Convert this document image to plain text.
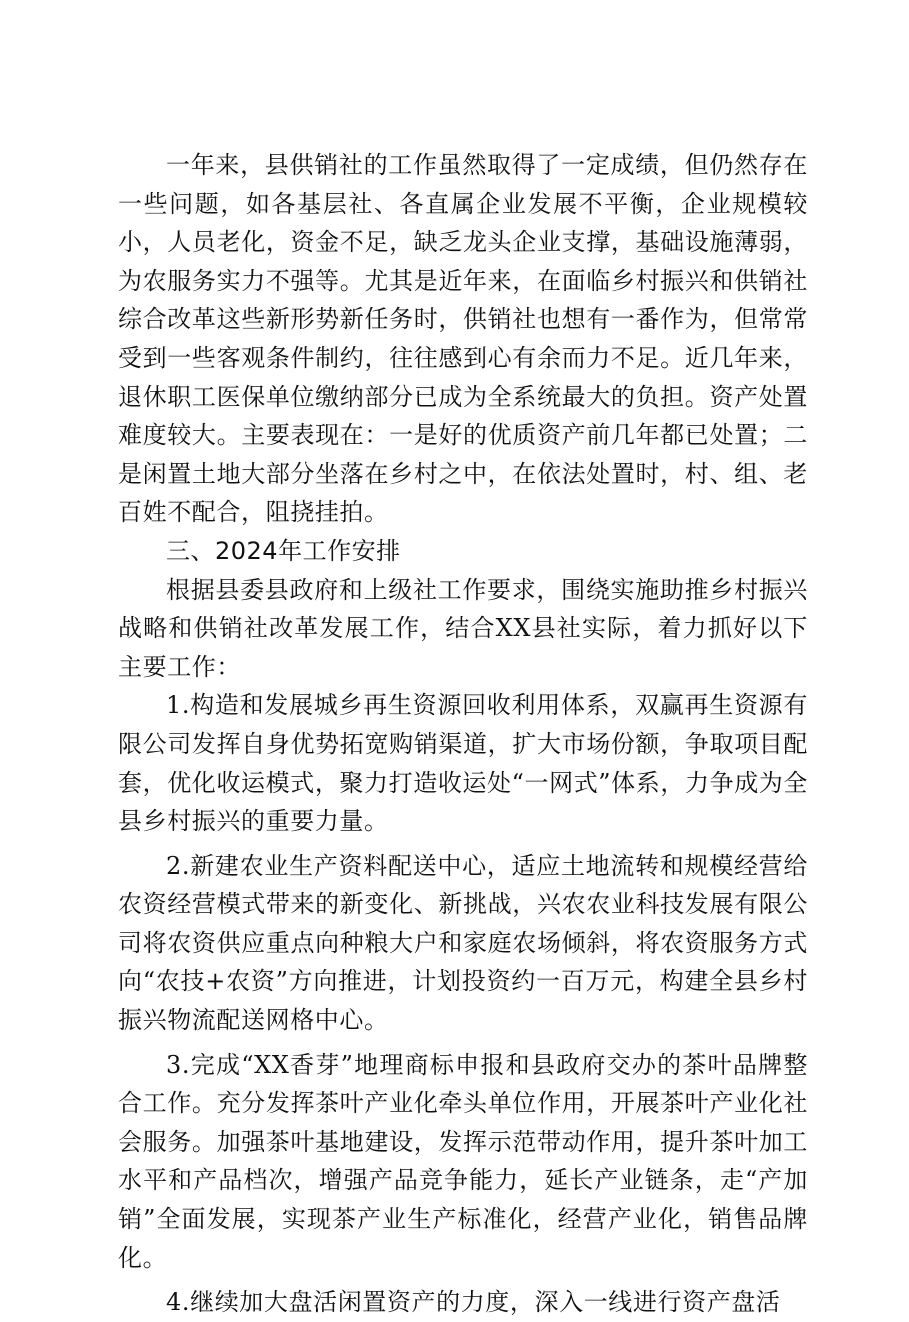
一年来，县供销社的工作虽然取得了一定成绩，但仍然存在一些问题，如各基层社、各直属企业发展不平衡，企业规模较小，人员老化，资金不足，缺乏龙头企业支撑，基础设施薄弱，为农服务实力不强等。尤其是近年来，在面临乡村振兴和供销社综合改革这些新形势新任务时，供销社也想有一番作为，但常常受到一些客观条件制约，往往感到心有余而力不足。近几年来，退休职工医保单位缴纳部分已成为全系统最大的负担。资产处置难度较大。主要表现在：一是好的优质资产前几年都已处置；二是闲置土地大部分坐落在乡村之中，在依法处置时，村、组、老百姓不配合，阻挠挂拍。

三、2024年工作安排

根据县委县政府和上级社工作要求，围绕实施助推乡村振兴战略和供销社改革发展工作，结合XX县社实际，着力抓好以下主要工作：

1.构造和发展城乡再生资源回收利用体系，双赢再生资源有限公司发挥自身优势拓宽购销渠道，扩大市场份额，争取项目配套，优化收运模式，聚力打造收运处“一网式”体系，力争成为全县乡村振兴的重要力量。

2.新建农业生产资料配送中心，适应土地流转和规模经营给农资经营模式带来的新变化、新挑战，兴农农业科技发展有限公司将农资供应重点向种粮大户和家庭农场倾斜，将农资服务方式向“农技+农资”方向推进，计划投资约一百万元，构建全县乡村振兴物流配送网格中心。

3.完成“XX香芽”地理商标申报和县政府交办的茶叶品牌整合工作。充分发挥茶叶产业化牵头单位作用，开展茶叶产业化社会服务。加强茶叶基地建设，发挥示范带动作用，提升茶叶加工水平和产品档次，增强产品竞争能力，延长产业链条，走“产加销”全面发展，实现茶产业生产标准化，经营产业化，销售品牌化。

4.继续加大盘活闲置资产的力度，深入一线进行资产盘活
